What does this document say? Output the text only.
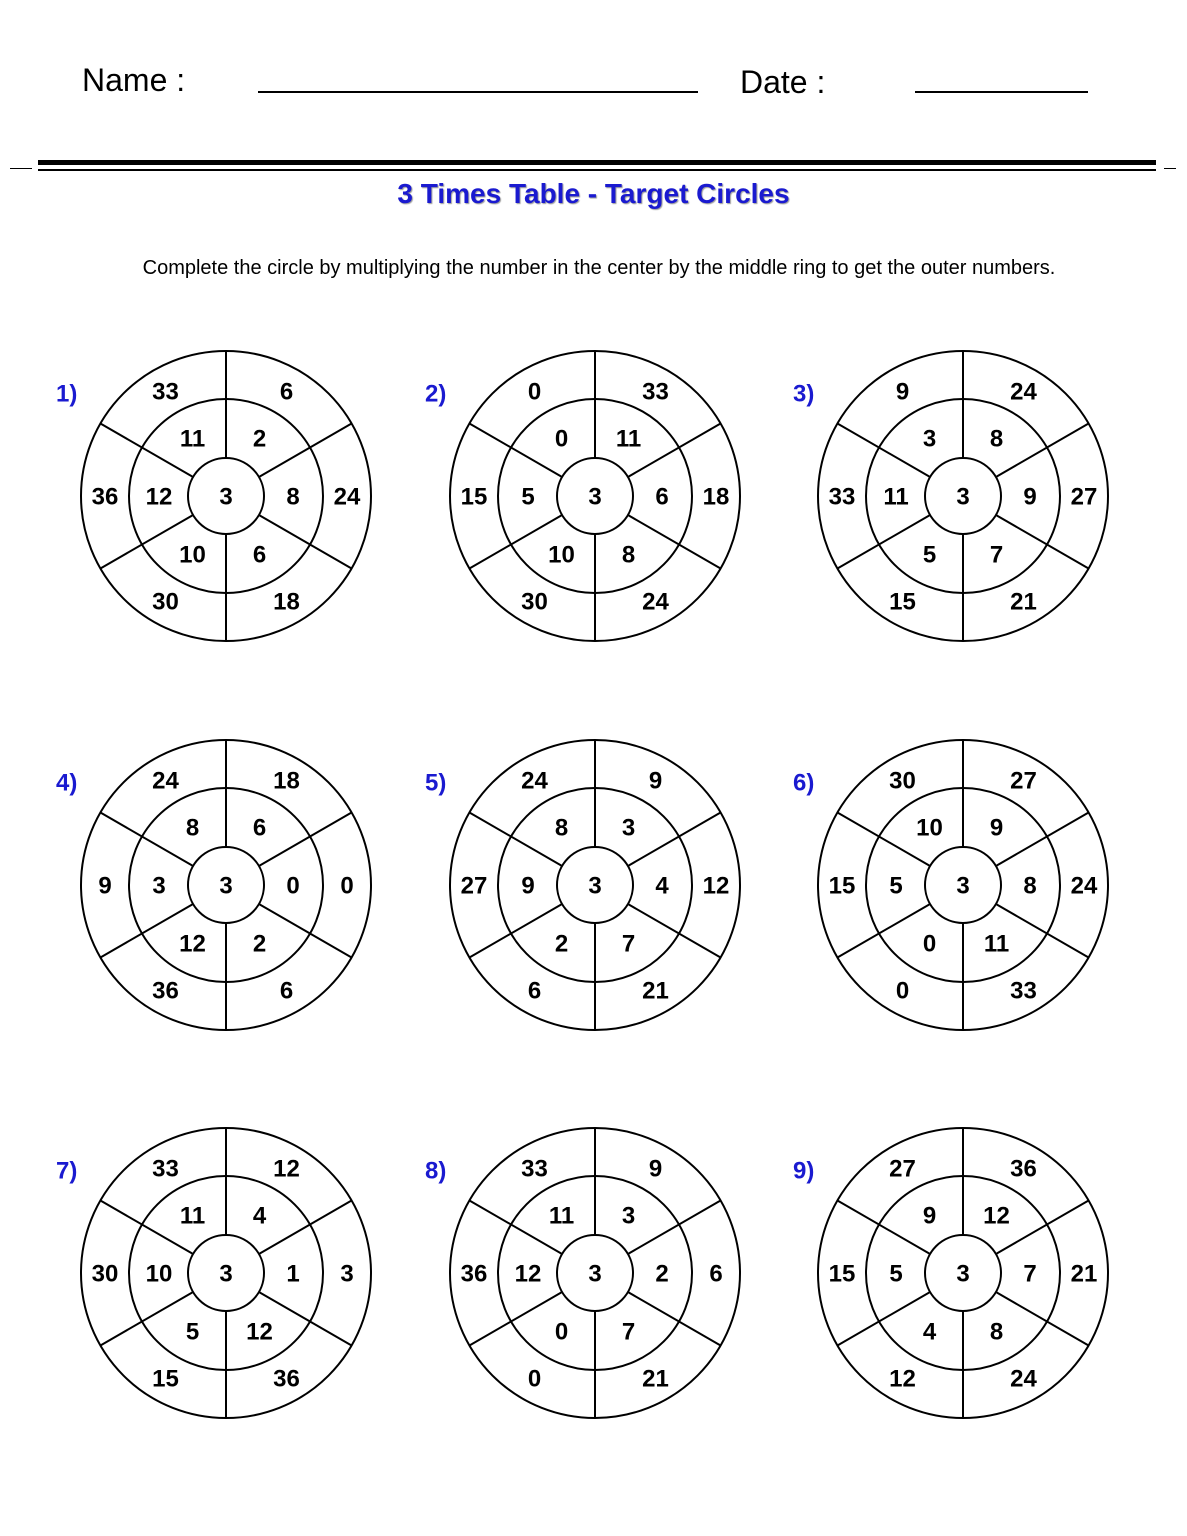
Name :	Date :
3 Times Table - Target Circles
Complete the circle by multiplying the number in the center by the middle ring to get the outer numbers.
1)
3
2
6
8 24
6
18
10
30
12
36
11
33	2)
3
11
33
6 18
8
24
10
30
5
15
0
0	3)
3
8
24
9 27
7
21
5
15
11
33
3
9
4)
3
6
18
0 0
2
6
12
36
3
9
8
24	5)
3
3
9
4 12
7
21
2
6
9
27
8
24	6)
3
9
27
8 24
11
33
0
0
5
15
10
30
7)
3
4
12
1 3
12
36
5
15
10
30
11
33	8)
3
3
9
2 6
7
21
0
0
12
36
11
33	9)
3
12
36
7 21
8
24
4
12
5
15
9
27
